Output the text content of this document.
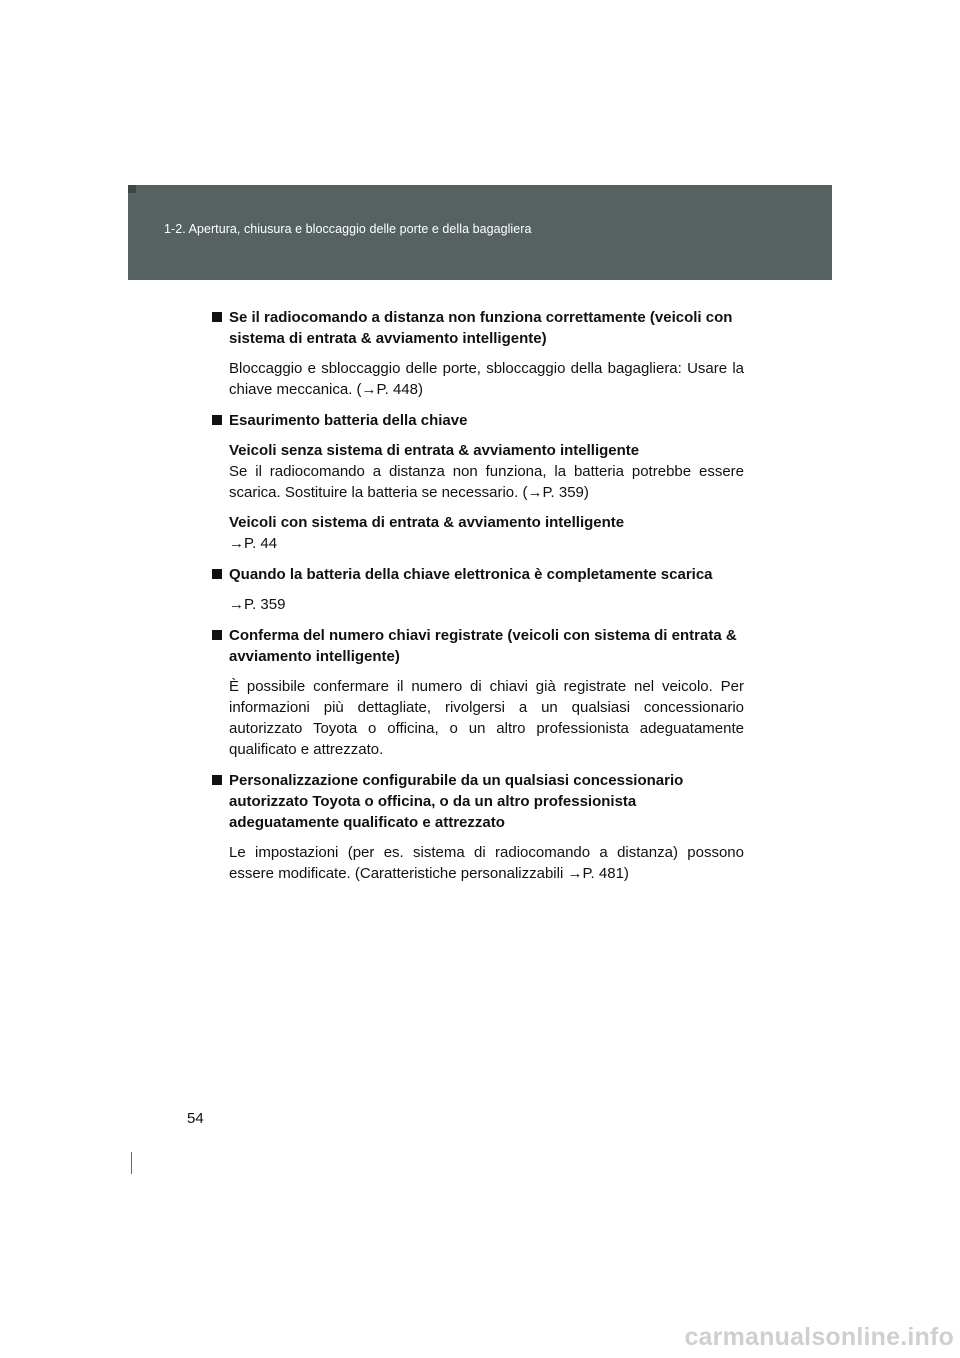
1-2. Apertura, chiusura e bloccaggio delle porte e della bagagliera
Se il radiocomando a distanza non funziona correttamente (veicoli con sistema di entrata & avviamento intelligente)
Bloccaggio e sbloccaggio delle porte, sbloccaggio della bagagliera: Usare la chiave meccanica. (→P. 448)
Esaurimento batteria della chiave
Veicoli senza sistema di entrata & avviamento intelligente
Se il radiocomando a distanza non funziona, la batteria potrebbe essere scarica. Sostituire la batteria se necessario. (→P. 359)
Veicoli con sistema di entrata & avviamento intelligente
→P. 44
Quando la batteria della chiave elettronica è completamente scarica
→P. 359
Conferma del numero chiavi registrate (veicoli con sistema di entrata & avviamento intelligente)
È possibile confermare il numero di chiavi già registrate nel veicolo. Per informazioni più dettagliate, rivolgersi a un qualsiasi concessionario autorizzato Toyota o officina, o un altro professionista adeguatamente qualificato e attrezzato.
Personalizzazione configurabile da un qualsiasi concessionario autorizzato Toyota o officina, o da un altro professionista adeguatamente qualificato e attrezzato
Le impostazioni (per es. sistema di radiocomando a distanza) possono essere modificate. (Caratteristiche personalizzabili →P. 481)
54
carmanualsonline.info
